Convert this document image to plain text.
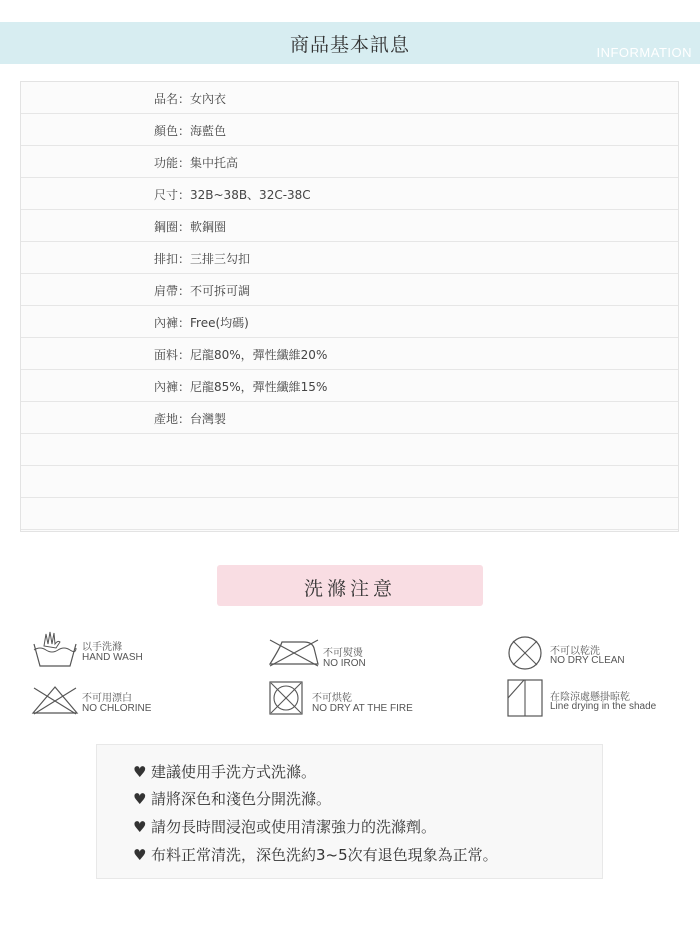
商品基本訊息	INFORMATION
品名：女內衣
顏色：海藍色
功能：集中托高
尺寸：32B~38B、32C-38C
鋼圈：軟鋼圈
排扣：三排三勾扣
肩帶：不可拆可調
內褲：Free(均碼)
面料：尼龍80%，彈性纖維20%
內褲：尼龍85%，彈性纖維15%
產地：台灣製
洗滌注意
以手洗滌
HAND WASH	不可熨燙
NO IRON
不可以乾洗
NO DRY CLEAN
不可用漂白
NO CHLORINE
不可烘乾
NO DRY AT THE FIRE
在陰涼處懸掛晾乾
Line drying in the shade
♥ 建議使用手洗方式洗滌。
♥ 請將深色和淺色分開洗滌。
♥ 請勿長時間浸泡或使用清潔強力的洗滌劑。
♥ 布料正常清洗，深色洗約3~5次有退色現象為正常。
